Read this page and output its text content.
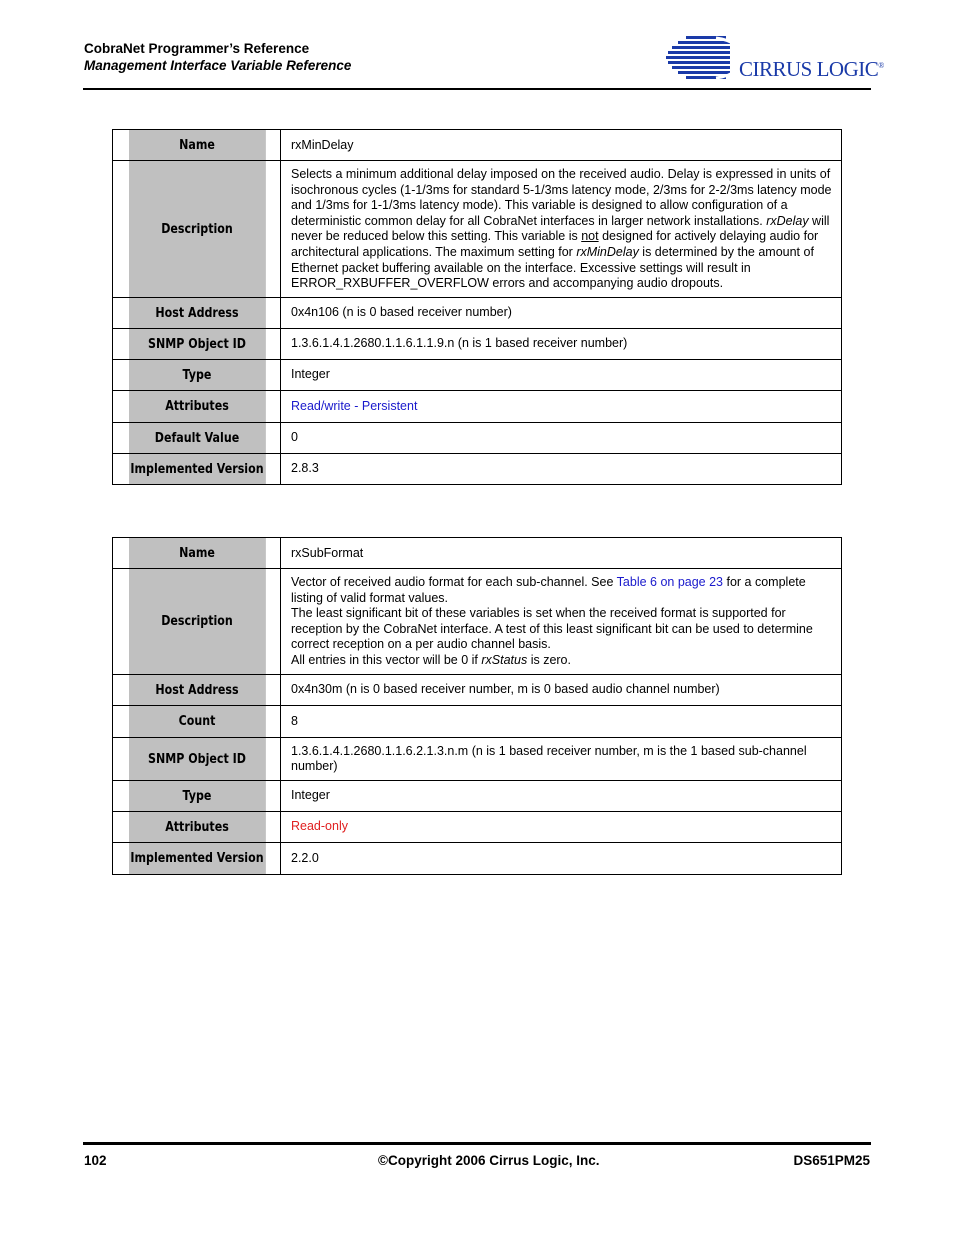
CobraNet Programmer’s Reference
Management Interface Variable Reference	CIRRUS LOGIC®
Name	rxMinDelay
Description	Selects a minimum additional delay imposed on the received audio. Delay is expressed in units of isochronous cycles (1-1/3ms for standard 5-1/3ms latency mode, 2/3ms for 2-2/3ms latency mode and 1/3ms for 1-1/3ms latency mode). This variable is designed to allow configuration of a deterministic common delay for all CobraNet interfaces in larger network installations. rxDelay will never be reduced below this setting. This variable is not designed for actively delaying audio for architectural applications. The maximum setting for rxMinDelay is determined by the amount of Ethernet packet buffering available on the interface. Excessive settings will result in ERROR_RXBUFFER_OVERFLOW errors and accompanying audio dropouts.
Host Address	0x4n106 (n is 0 based receiver number)
SNMP Object ID	1.3.6.1.4.1.2680.1.1.6.1.1.9.n (n is 1 based receiver number)
Type	Integer
Attributes	Read/write - Persistent
Default Value	0
Implemented Version	2.8.3
Name	rxSubFormat
Description	Vector of received audio format for each sub-channel. See Table 6 on page 23 for a complete listing of valid format values.
The least significant bit of these variables is set when the received format is supported for reception by the CobraNet interface. A test of this least significant bit can be used to determine correct reception on a per audio channel basis.
All entries in this vector will be 0 if rxStatus is zero.
Host Address	0x4n30m (n is 0 based receiver number, m is 0 based audio channel number)
Count	8
SNMP Object ID	1.3.6.1.4.1.2680.1.1.6.2.1.3.n.m (n is 1 based receiver number, m is the 1 based sub-channel number)
Type	Integer
Attributes	Read-only
Implemented Version	2.2.0
102	©Copyright 2006 Cirrus Logic, Inc.	DS651PM25
